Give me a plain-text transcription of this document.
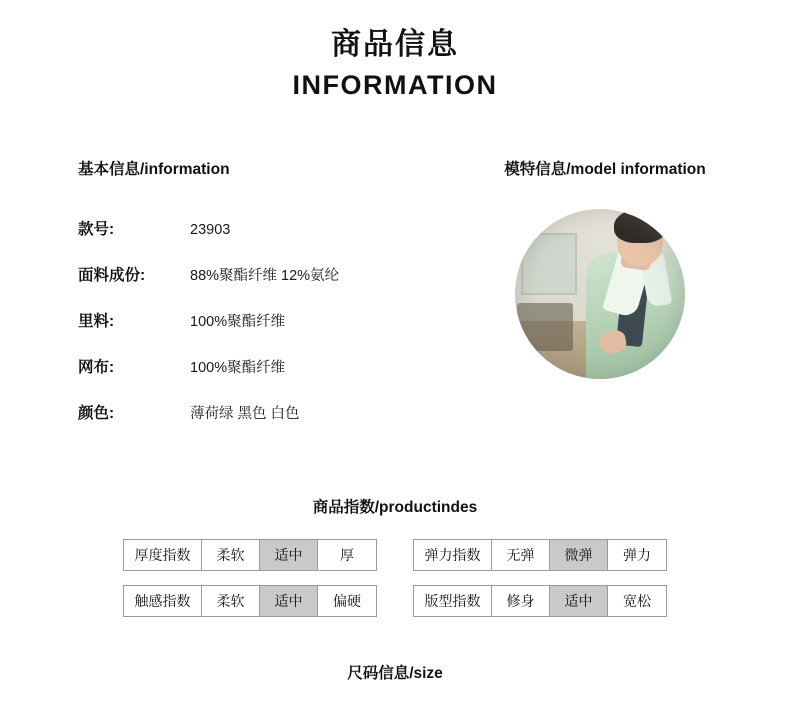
商品信息
INFORMATION
基本信息/information
款号:	23903
面料成份:	88%聚酯纤维 12%氨纶
里料:	100%聚酯纤维
网布:	100%聚酯纤维
颜色:	薄荷绿 黑色 白色
模特信息/model information
商品指数/productindes
厚度指数	柔软	适中	厚	弹力指数	无弹	微弹	弹力
触感指数	柔软	适中	偏硬	版型指数	修身	适中	宽松
尺码信息/size
